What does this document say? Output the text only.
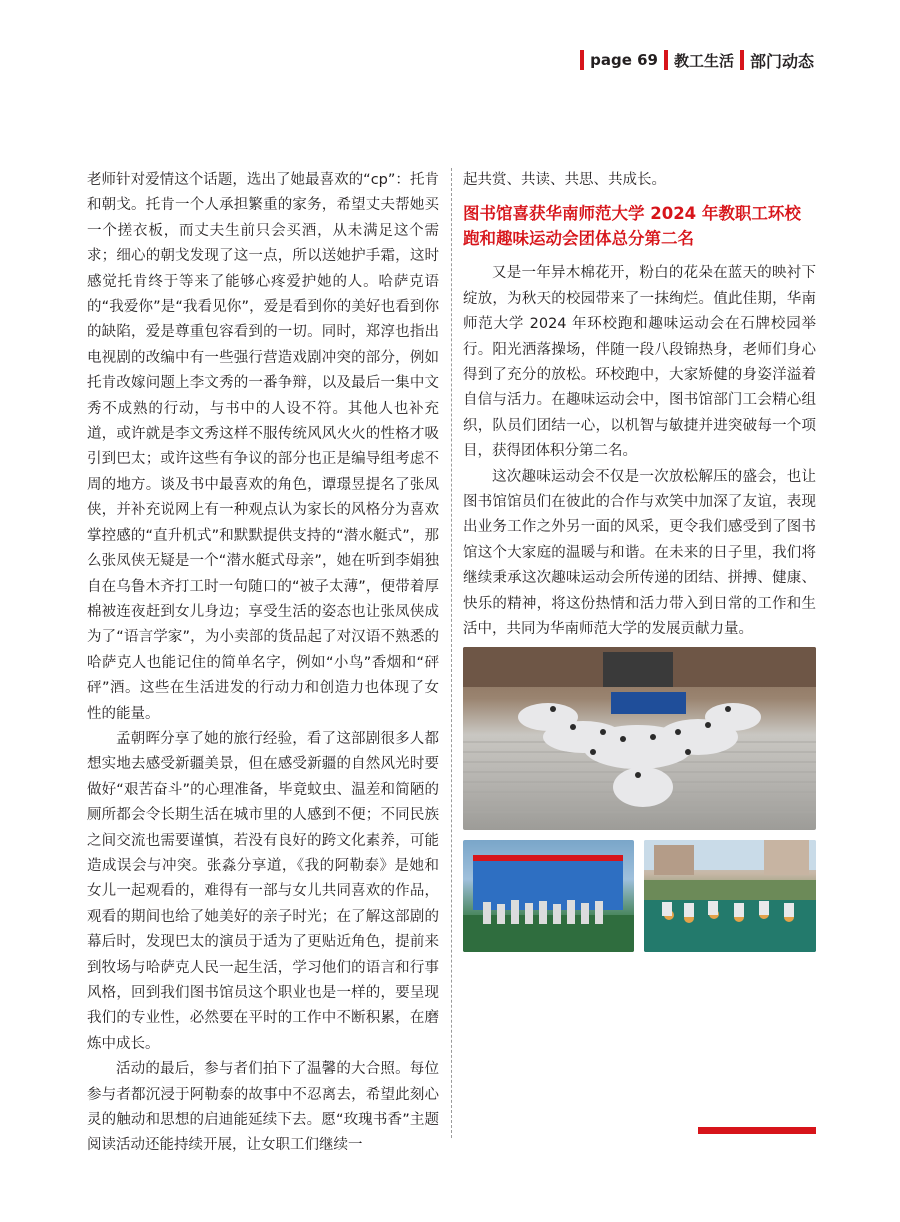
page 69 教工生活 部门动态

老师针对爱情这个话题，选出了她最喜欢的“cp”：托肯和朝戈。托肯一个人承担繁重的家务，希望丈夫帮她买一个搓衣板，而丈夫生前只会买酒，从未满足这个需求；细心的朝戈发现了这一点，所以送她护手霜，这时感觉托肯终于等来了能够心疼爱护她的人。哈萨克语的“我爱你”是“我看见你”，爱是看到你的美好也看到你的缺陷，爱是尊重包容看到的一切。同时，郑淳也指出电视剧的改编中有一些强行营造戏剧冲突的部分，例如托肯改嫁问题上李文秀的一番争辩，以及最后一集中文秀不成熟的行动，与书中的人设不符。其他人也补充道，或许就是李文秀这样不服传统风风火火的性格才吸引到巴太；或许这些有争议的部分也正是编导组考虑不周的地方。谈及书中最喜欢的角色，谭璟昱提名了张凤侠，并补充说网上有一种观点认为家长的风格分为喜欢掌控感的“直升机式”和默默提供支持的“潜水艇式”，那么张凤侠无疑是一个“潜水艇式母亲”，她在听到李娟独自在乌鲁木齐打工时一句随口的“被子太薄”，便带着厚棉被连夜赶到女儿身边；享受生活的姿态也让张凤侠成为了“语言学家”，为小卖部的货品起了对汉语不熟悉的哈萨克人也能记住的简单名字，例如“小鸟”香烟和“砰砰”酒。这些在生活进发的行动力和创造力也体现了女性的能量。

孟朝晖分享了她的旅行经验，看了这部剧很多人都想实地去感受新疆美景，但在感受新疆的自然风光时要做好“艰苦奋斗”的心理准备，毕竟蚊虫、温差和简陋的厕所都会令长期生活在城市里的人感到不便；不同民族之间交流也需要谨慎，若没有良好的跨文化素养，可能造成误会与冲突。张淼分享道，《我的阿勒泰》是她和女儿一起观看的，难得有一部与女儿共同喜欢的作品，观看的期间也给了她美好的亲子时光；在了解这部剧的幕后时，发现巴太的演员于适为了更贴近角色，提前来到牧场与哈萨克人民一起生活，学习他们的语言和行事风格，回到我们图书馆员这个职业也是一样的，要呈现我们的专业性，必然要在平时的工作中不断积累，在磨炼中成长。

活动的最后，参与者们拍下了温馨的大合照。每位参与者都沉浸于阿勒泰的故事中不忍离去，希望此刻心灵的触动和思想的启迪能延续下去。愿“玫瑰书香”主题阅读活动还能持续开展，让女职工们继续一

起共赏、共读、共思、共成长。

图书馆喜获华南师范大学 2024 年教职工环校跑和趣味运动会团体总分第二名

又是一年异木棉花开，粉白的花朵在蓝天的映衬下绽放，为秋天的校园带来了一抹绚烂。值此佳期，华南师范大学 2024 年环校跑和趣味运动会在石牌校园举行。阳光洒落操场，伴随一段八段锦热身，老师们身心得到了充分的放松。环校跑中，大家矫健的身姿洋溢着自信与活力。在趣味运动会中，图书馆部门工会精心组织，队员们团结一心，以机智与敏捷并进突破每一个项目，获得团体积分第二名。

这次趣味运动会不仅是一次放松解压的盛会，也让图书馆馆员们在彼此的合作与欢笑中加深了友谊，表现出业务工作之外另一面的风采，更令我们感受到了图书馆这个大家庭的温暖与和谐。在未来的日子里，我们将继续秉承这次趣味运动会所传递的团结、拼搏、健康、快乐的精神，将这份热情和活力带入到日常的工作和生活中，共同为华南师范大学的发展贡献力量。
